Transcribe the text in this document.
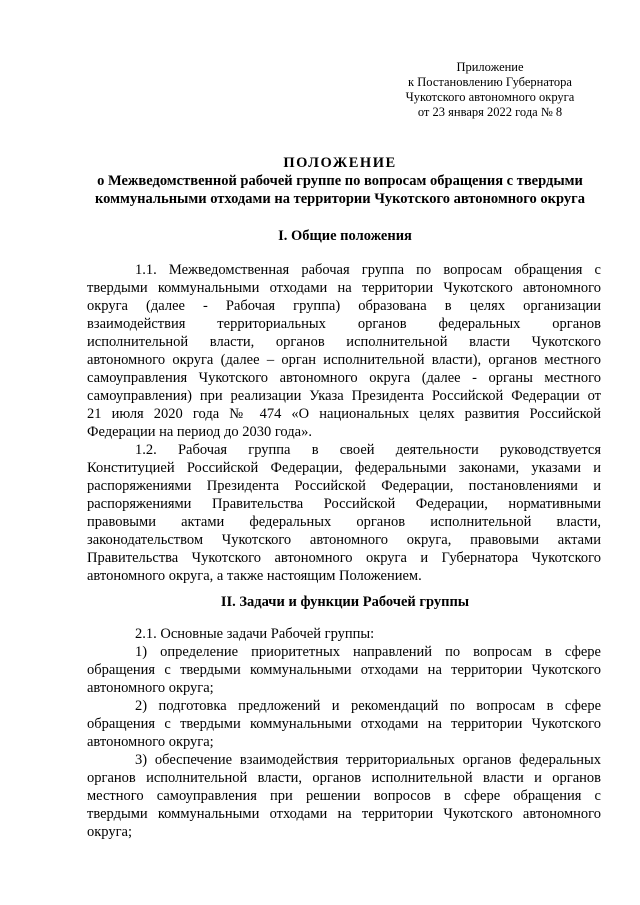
Приложение
к Постановлению Губернатора
Чукотского автономного округа
от 23 января 2022 года № 8
ПОЛОЖЕНИЕ
о Межведомственной рабочей группе по вопросам обращения с твердыми
коммунальными отходами на территории Чукотского автономного округа
I. Общие положения
1.1. Межведомственная рабочая группа по вопросам обращения с
твердыми коммунальными отходами на территории Чукотского автономного
округа (далее - Рабочая группа) образована в целях организации
взаимодействия территориальных органов федеральных органов
исполнительной власти, органов исполнительной власти Чукотского
автономного округа (далее – орган исполнительной власти), органов местного
самоуправления Чукотского автономного округа (далее - органы местного
самоуправления) при реализации Указа Президента Российской Федерации от
21 июля 2020 года № 474 «О национальных целях развития Российской
Федерации на период до 2030 года».
1.2. Рабочая группа в своей деятельности руководствуется
Конституцией Российской Федерации, федеральными законами, указами и
распоряжениями Президента Российской Федерации, постановлениями и
распоряжениями Правительства Российской Федерации, нормативными
правовыми актами федеральных органов исполнительной власти,
законодательством Чукотского автономного округа, правовыми актами
Правительства Чукотского автономного округа и Губернатора Чукотского
автономного округа, а также настоящим Положением.
II. Задачи и функции Рабочей группы
2.1. Основные задачи Рабочей группы:
1) определение приоритетных направлений по вопросам в сфере
обращения с твердыми коммунальными отходами на территории Чукотского
автономного округа;
2) подготовка предложений и рекомендаций по вопросам в сфере
обращения с твердыми коммунальными отходами на территории Чукотского
автономного округа;
3) обеспечение взаимодействия территориальных органов федеральных
органов исполнительной власти, органов исполнительной власти и органов
местного самоуправления при решении вопросов в сфере обращения с
твердыми коммунальными отходами на территории Чукотского автономного
округа;
